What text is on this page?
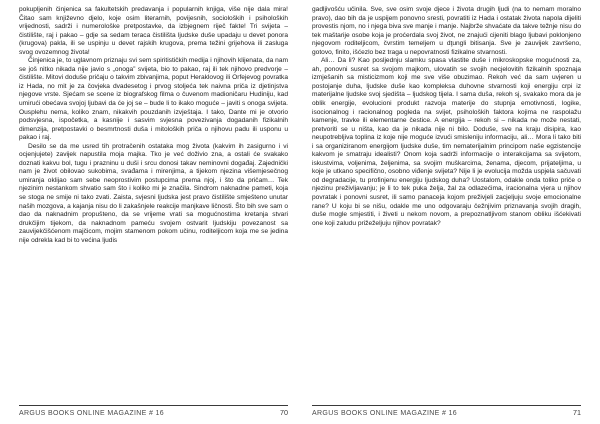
pokupljenih činjenica sa fakultetskih predavanja i popularnih knjiga, više nije dala mira! Čitao sam književno djelo, koje osim literarnih, povijesnih, socioloških i psiholoških vrijednosti, sadrži i numerološke pretpostavke, da izbjegnem riječ fakte! Tri svijeta – čistilište, raj i pakao – gdje sa sedam teraca čistilišta ljudske duše upadaju u devet ponora (krugova) pakla, ili se uspinju u devet rajskih krugova, prema težini grijehova ili zasluga svog ovozemnog života!

Činjenica je, to uglavnom priznaju svi sem spiritističkih medija i njihovih klijenata, da nam se još nitko nikada nije javio s „onoga” svijeta, bio to pakao, raj ili tek njihovo predvorje – čistilište. Mitovi doduše pričaju o takvim zbivanjima, poput Heraklovog ili Orfejevog povratka iz Hada, no mit je za čovjeka dvadesetog i prvog stoljeća tek naivna priča iz djetinjstva njegove vrste. Sjećam se scene iz biografskog filma o čuvenom madioničaru Hudiniju, kad umirući obećava svojoj ljubavi da će joj se – bude li to ikako moguće – javiti s onoga svijeta. Ousplehu nema, koliko znam, nikakvih pouzdanih izvještaja. I tako, Dante mi je otvorio podsvjesna, ispočetka, a kasnije i sasvim svjesna povezivanja dogadanih fizikalnih dimenzija, pretpostavki o besmrtnosti duša i mitoloških priča o njihovu padu ili usponu u pakao i raj.

Desilo se da me usred tih protračenih ostataka mog života (kakvim ih zasigurno i vi ocjenjujete) zavijek napustila moja majka. Tko je već doživio znа, a ostali će svakako doznati kakvu bol, tugu i prazninu u duši i srcu donosi takav neminovni događaj. Zajednički nam je život obilovao sukobima, svađama i mirenjima, a tijekom njezina višemjesečnog umiranja oklijao sam sebe neoprostivim postupcima prema njoj, i što da pričam… Tek njezinim nestankom shvatio sam što i koliko mi je značila. Sindrom naknadne pameti, koja se stoga ne smije ni tako zvati. Zaista, svjesni ljudska jest pravo čistilište smještеno unutar naših mozgova, a kajanja nisu do li zakašnjele reakcije manjkave ličnosti. Što bih sve sam o dao da naknadnim propuštenо, da se vrijeme vrati sa mogućnostima kretanja stvari drukčijim tijekom, da naknadnom pamеću svojem ostvarit ljudskiju povezanost sa zauvijekčišćenom majčicom, mojim stamenom pokom učinu, roditeljicom koja me se jedina nije odrekla kad bi to većina ljudis

ARGUS BOOKS ONLINE MAGAZINE # 16	70

gadljivošću učinila. Sve, sve osim svoje djece i života drugih ljudi (na to nemam moralno pravo), dao bih da je uspijem ponovno sresti, povratiti iz Hada i ostatak života napola dijeliti provestis njom, no i njega biva sve manje i manje. Najbrže shvaćate da takve težnje nisu do tek maštarije osobe koja je proćerdala svoj život, ne znajući cijeniti blago ljubavi poklonjeno njegovom roditeljicom, čvrstim temeljem u dţungli bitisanja. Sve je zauvijek završeno, gotovo, finito, išćezlo bez traga u nepovratnosti fizikalne stvarnosti.

Ali… Da li? Kao posljednju slamku spasa vlastite duše i mikroskopske mogućnosti za, ah, ponovni susret sa svojom majkom, ulovatih se svojih necjelovitih fizikalnih spoznaja izmješanih sa misticizmom koji me sve više obuzimao. Rekoh već da sam uvjeren u postojanje duha, ljudske duše kao kompleksa duhovne stvarnosti koji energiju crpi iz materijalne ljudske svoj sjedišta – ljudskog tijela. I sama duša, rekoh sj, svakako mora da je oblik energije, evolucioni produkt razvoja materije do stupnja emotivnosti, logike, isocionalnog i racionalnog poglеda na svijet, psiholoških faktora kojima ne raspolažu kamenje, travke ili elementarne čestice. A energija – rekoh si – nikada ne može nestati, pretvoriti se u ništa, kao da je nikada nije ni bilo. Dodušе, sve na kraju disipira, kao neupotrebljiva toplina iz koje nije moguće izvući smisleniju informaciju, ali… Mora li tako biti i sa organiziranom energijom ljudske duše, tim nematerijalnim principom naše egzistencije kakvom je smatraju idealisti? Onom koja sadrži informacije o interakcijama sa svijetom, iskustvima, voljenima, željenima, sa svojim muškarcima, ženama, djecom, prijateljima, u koje je utkano specifično, osobno viđenje svijeta? Nije li je evolucija možda uspjela sačuvati od degradacije, tu profinjenu energiju ljudskog duha? Uostalom, odakle onda toliko priče o njezinu preživljavanju; je li to tek puka želja, žal za odlazećima, iracionalna vjera u njihov povratak i ponovni susret, ili samo panaceja kojom preživjeli zacjeljuju svoje emocionalne rane? U koju bi se nišu, odakle me uno odgovaraju čežnjivim priznavanja svojih dragih, duše mogle smjestiti, i živeti u nekom novom, a prepoznatljivom stanom obliku išćekivati one koji zaludu prižeželjuju njihov povratak?

ARGUS BOOKS ONLINE MAGAZINE # 16	71
